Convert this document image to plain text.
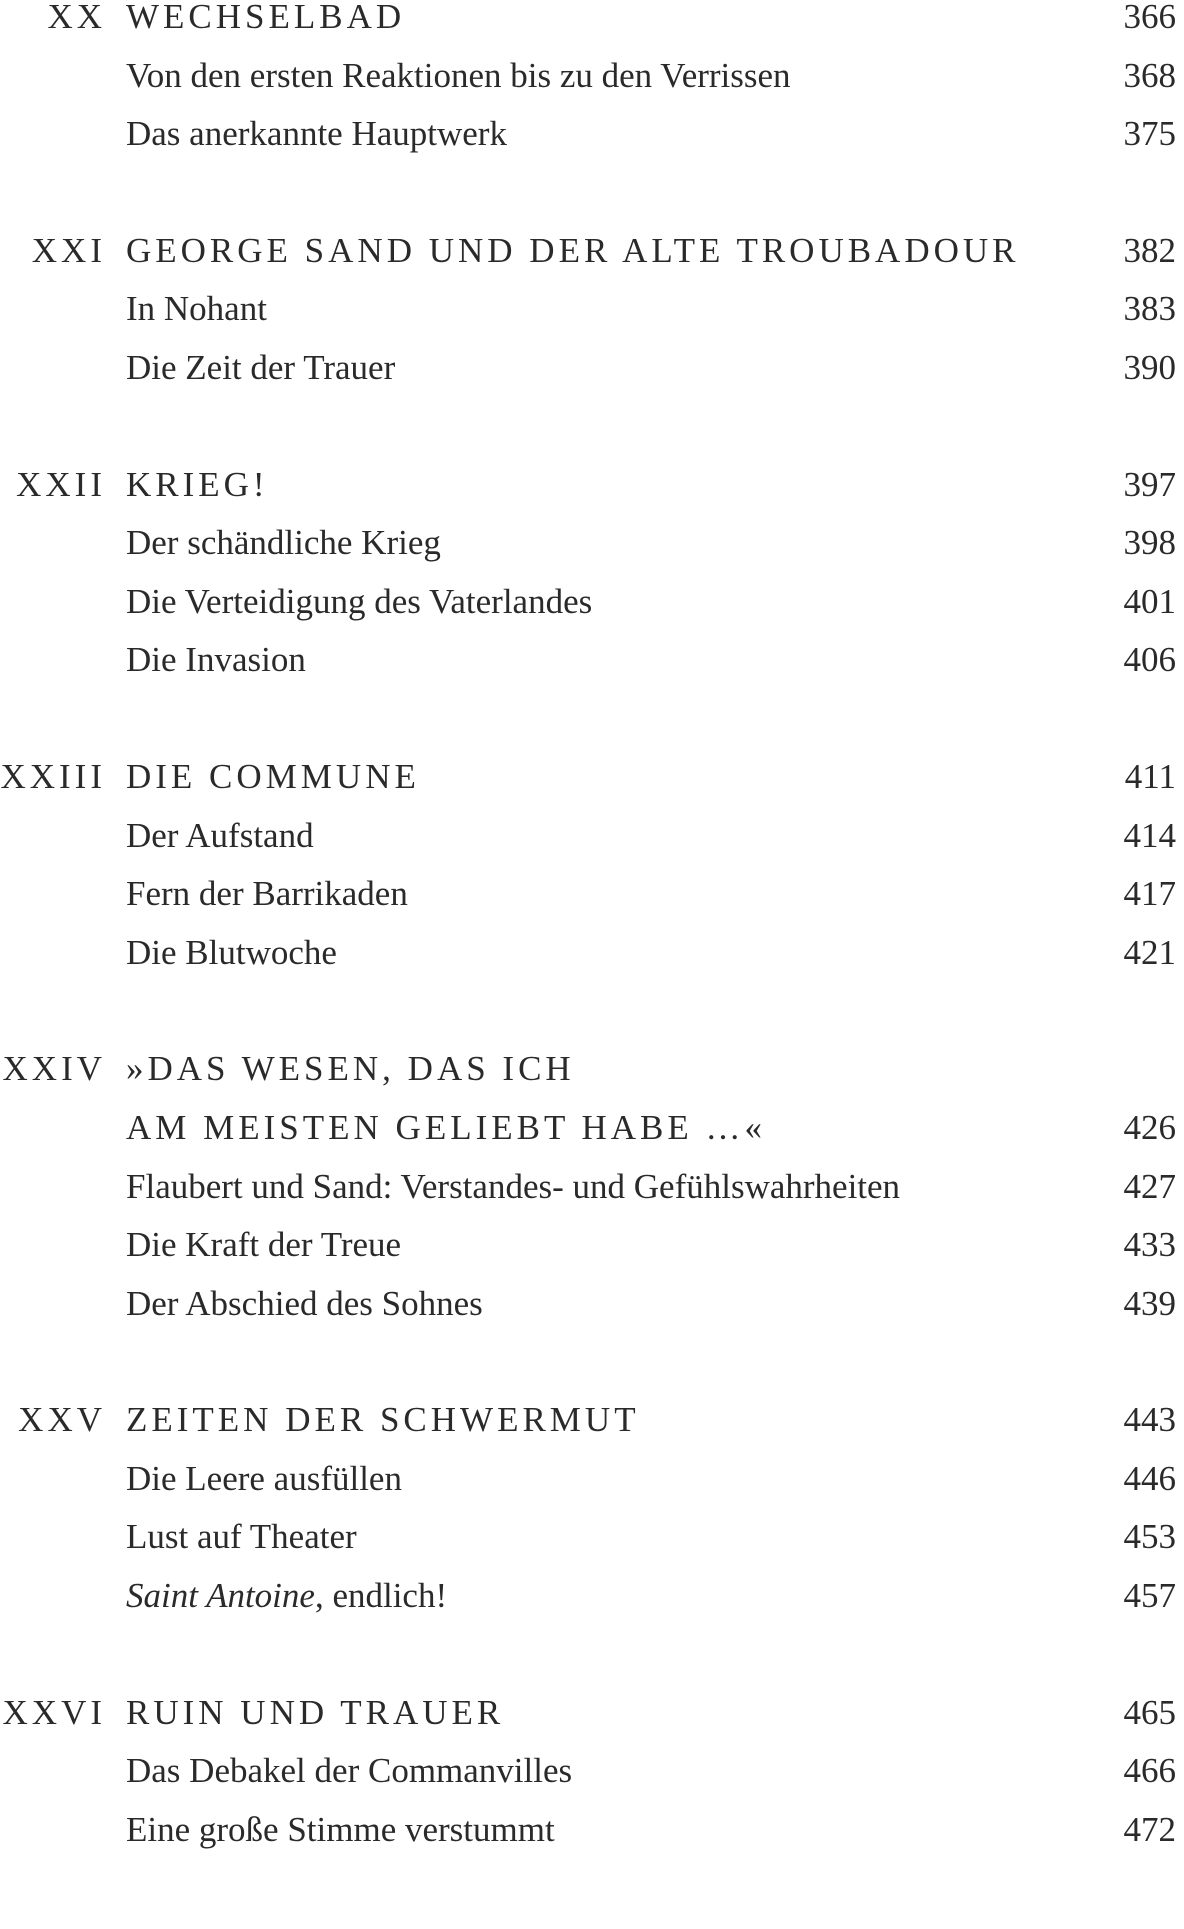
XX WECHSELBAD	366
Von den ersten Reaktionen bis zu den Verrissen	368
Das anerkannte Hauptwerk	375
XXI GEORGE SAND UND DER ALTE TROUBADOUR	382
In Nohant	383
Die Zeit der Trauer	390
XXII KRIEG!	397
Der schändliche Krieg	398
Die Verteidigung des Vaterlandes	401
Die Invasion	406
XXIII DIE COMMUNE	411
Der Aufstand	414
Fern der Barrikaden	417
Die Blutwoche	421
XXIV »DAS WESEN, DAS ICH
AM MEISTEN GELIEBT HABE …«	426
Flaubert und Sand: Verstandes- und Gefühlswahrheiten	427
Die Kraft der Treue	433
Der Abschied des Sohnes	439
XXV ZEITEN DER SCHWERMUT	443
Die Leere ausfüllen	446
Lust auf Theater	453
Saint Antoine, endlich!	457
XXVI RUIN UND TRAUER	465
Das Debakel der Commanvilles	466
Eine große Stimme verstummt	472
